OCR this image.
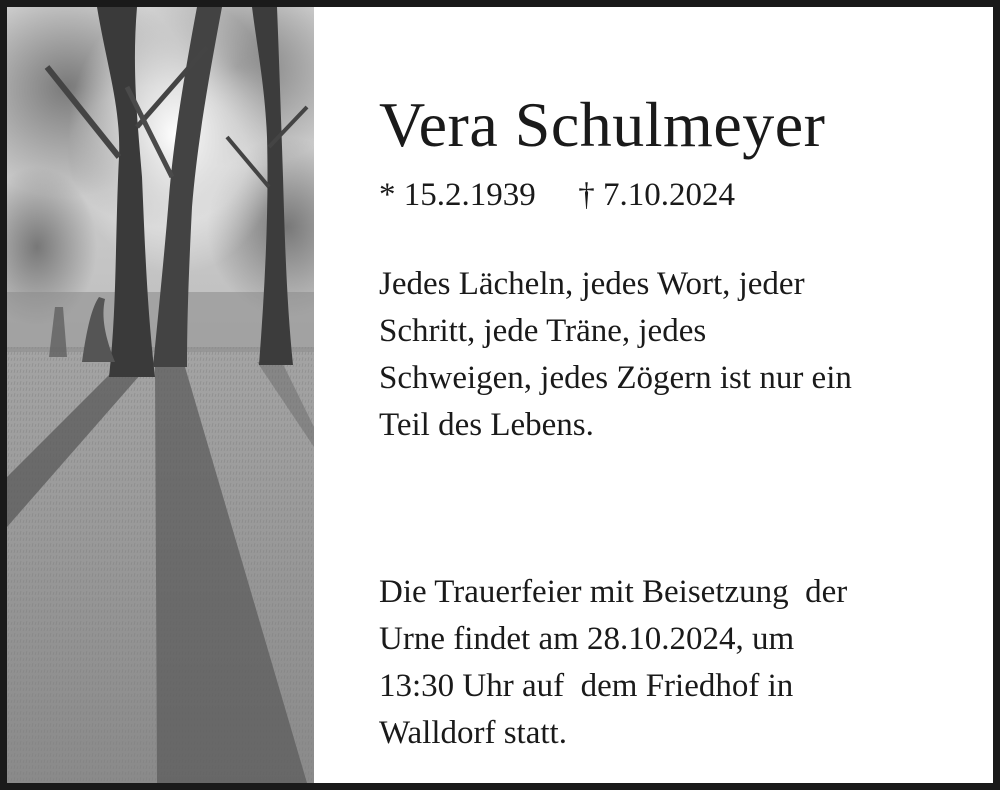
Vera Schulmeyer
* 15.2.1939 † 7.10.2024
Jedes Lächeln, jedes Wort, jeder
Schritt, jede Träne, jedes
Schweigen, jedes Zögern ist nur ein
Teil des Lebens.
Die Trauerfeier mit Beisetzung  der
Urne findet am 28.10.2024, um
13:30 Uhr auf  dem Friedhof in
Walldorf statt.
